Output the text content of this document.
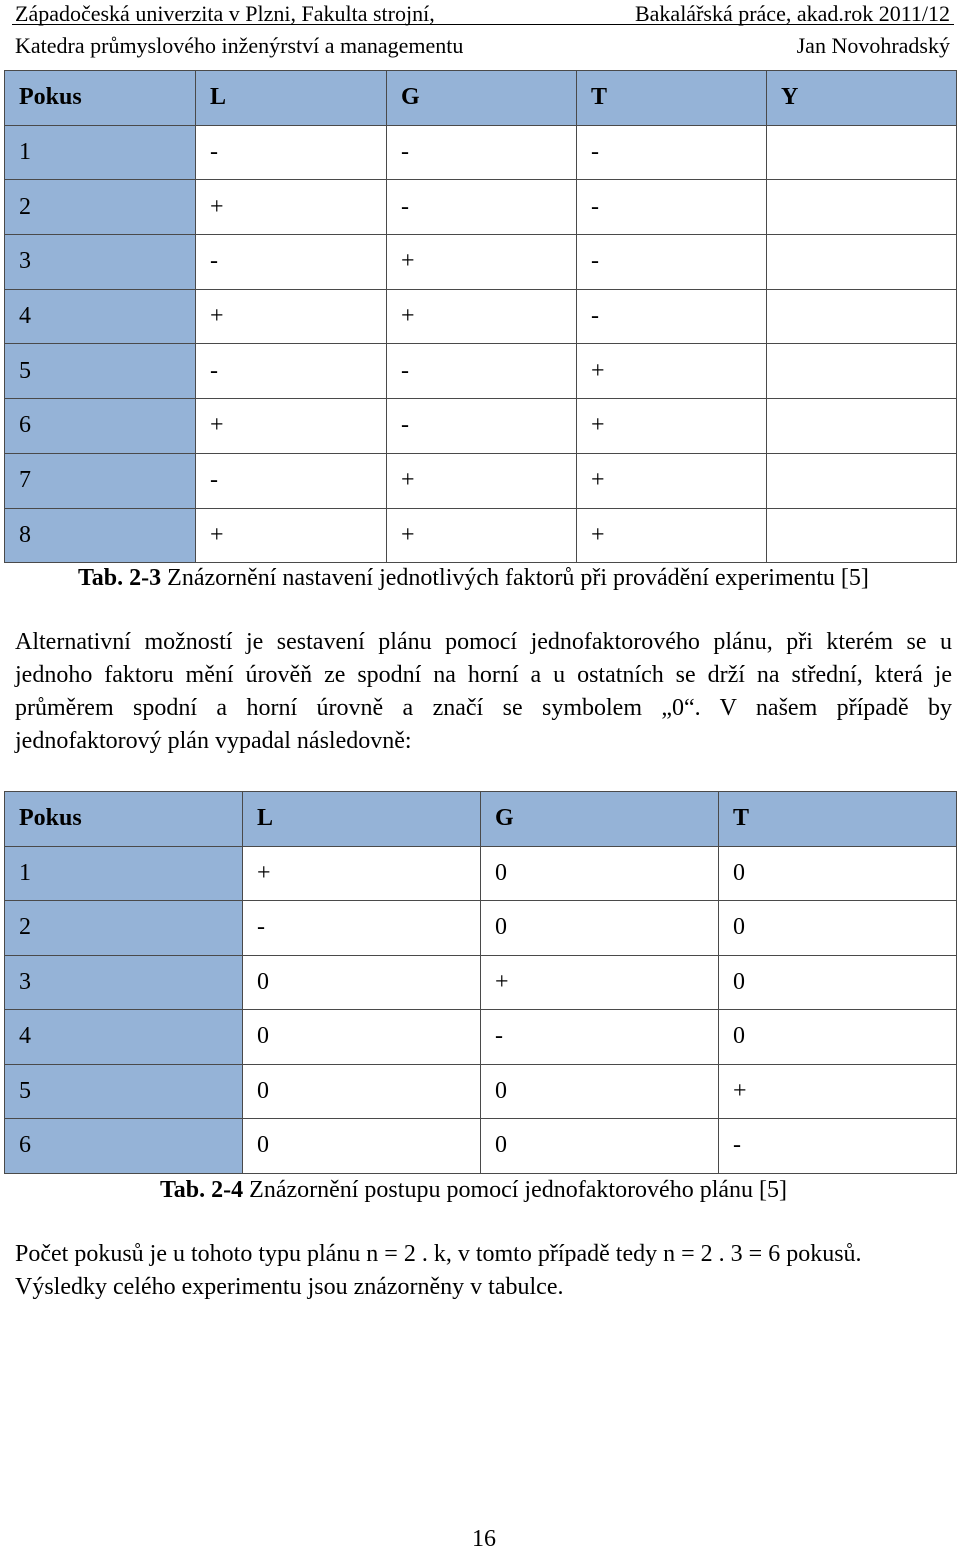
Západočeská univerzita v Plzni, Fakulta strojní,	Bakalářská práce, akad.rok 2011/12
Katedra průmyslového inženýrství a managementu	Jan Novohradský
Pokus	L	G	T	Y
1	-	-	-	
2	+	-	-	
3	-	+	-	
4	+	+	-	
5	-	-	+	
6	+	-	+	
7	-	+	+	
8	+	+	+	
Tab. 2-3 Znázornění nastavení jednotlivých faktorů při provádění experimentu [5]
Alternativní možností je sestavení plánu pomocí jednofaktorového plánu, při kterém se u
jednoho faktoru mění úrověň ze spodní na horní a u ostatních se drží na střední, která je
průměrem spodní a horní úrovně a značí se symbolem „0“. V našem případě by
jednofaktorový plán vypadal následovně:
Pokus	L	G	T
1	+	0	0
2	-	0	0
3	0	+	0
4	0	-	0
5	0	0	+
6	0	0	-
Tab. 2-4 Znázornění postupu pomocí jednofaktorového plánu [5]
Počet pokusů je u tohoto typu plánu n = 2 . k, v tomto případě tedy n = 2 . 3 = 6 pokusů.
Výsledky celého experimentu jsou znázorněny v tabulce.
16
